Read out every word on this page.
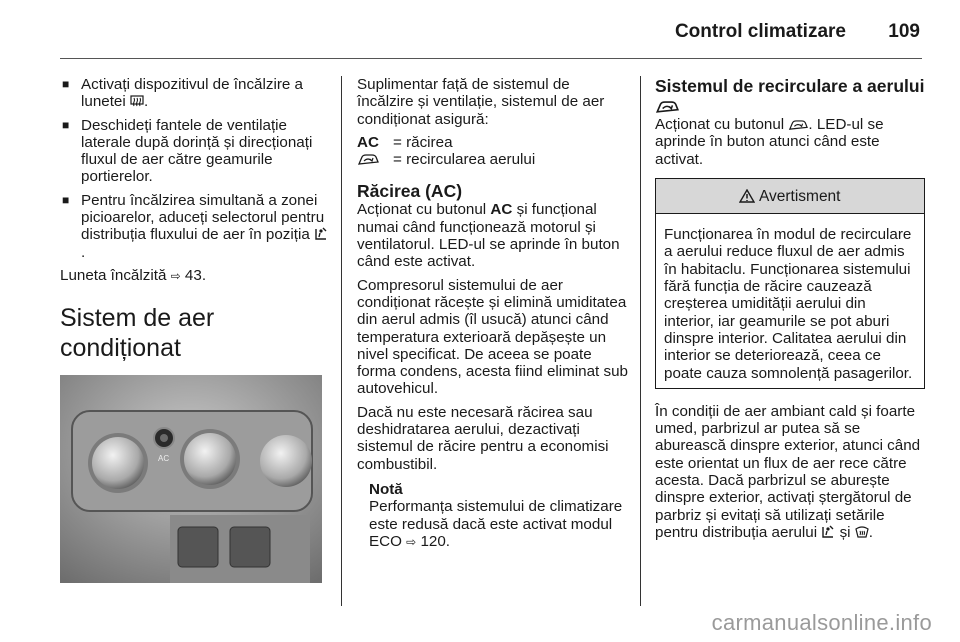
Control climatizare 109
■ Activați dispozitivul de încălzire a lunetei .
■ Deschideți fantele de ventilație laterale după dorință și direcționați fluxul de aer către geamurile portierelor.
■ Pentru încălzirea simultană a zonei picioarelor, aduceți selectorul pentru distribuția fluxului de aer în poziția .

Luneta încălzită ⇨ 43.

Sistem de aer condiționat
AC

Suplimentar față de sistemul de încălzire și ventilație, sistemul de aer condiționat asigură:

AC = răcirea
= recircularea aerului
Răcirea (AC)

Acționat cu butonul AC și funcțional numai când funcționează motorul și ventilatorul. LED-ul se aprinde în buton când este activat.

Compresorul sistemului de aer condiționat răcește și elimină umiditatea din aerul admis (îl usucă) atunci când temperatura exterioară depășește un nivel specificat. De aceea se poate forma condens, acesta fiind eliminat sub autovehicul.

Dacă nu este necesară răcirea sau deshidratarea aerului, dezactivați sistemul de răcire pentru a economisi combustibil.

Notă
Performanța sistemului de climatizare este redusă dacă este activat modul ECO ⇨ 120.
Sistemul de recirculare a aerului

Acționat cu butonul . LED-ul se aprinde în buton atunci când este activat.

Avertisment
Funcționarea în modul de recirculare a aerului reduce fluxul de aer admis în habitaclu. Funcționarea sistemului fără funcția de răcire cauzează creșterea umidității aerului din interior, iar geamurile se pot aburi dinspre interior. Calitatea aerului din interior se deteriorează, ceea ce poate cauza somnolență pasagerilor.

În condiții de aer ambiant cald și foarte umed, parbrizul ar putea să se aburească dinspre exterior, atunci când este orientat un flux de aer rece către acesta. Dacă parbrizul se aburește dinspre exterior, activați ștergătorul de parbriz și evitați să utilizați setările pentru distribuția aerului și .

carmanualsonline.info
